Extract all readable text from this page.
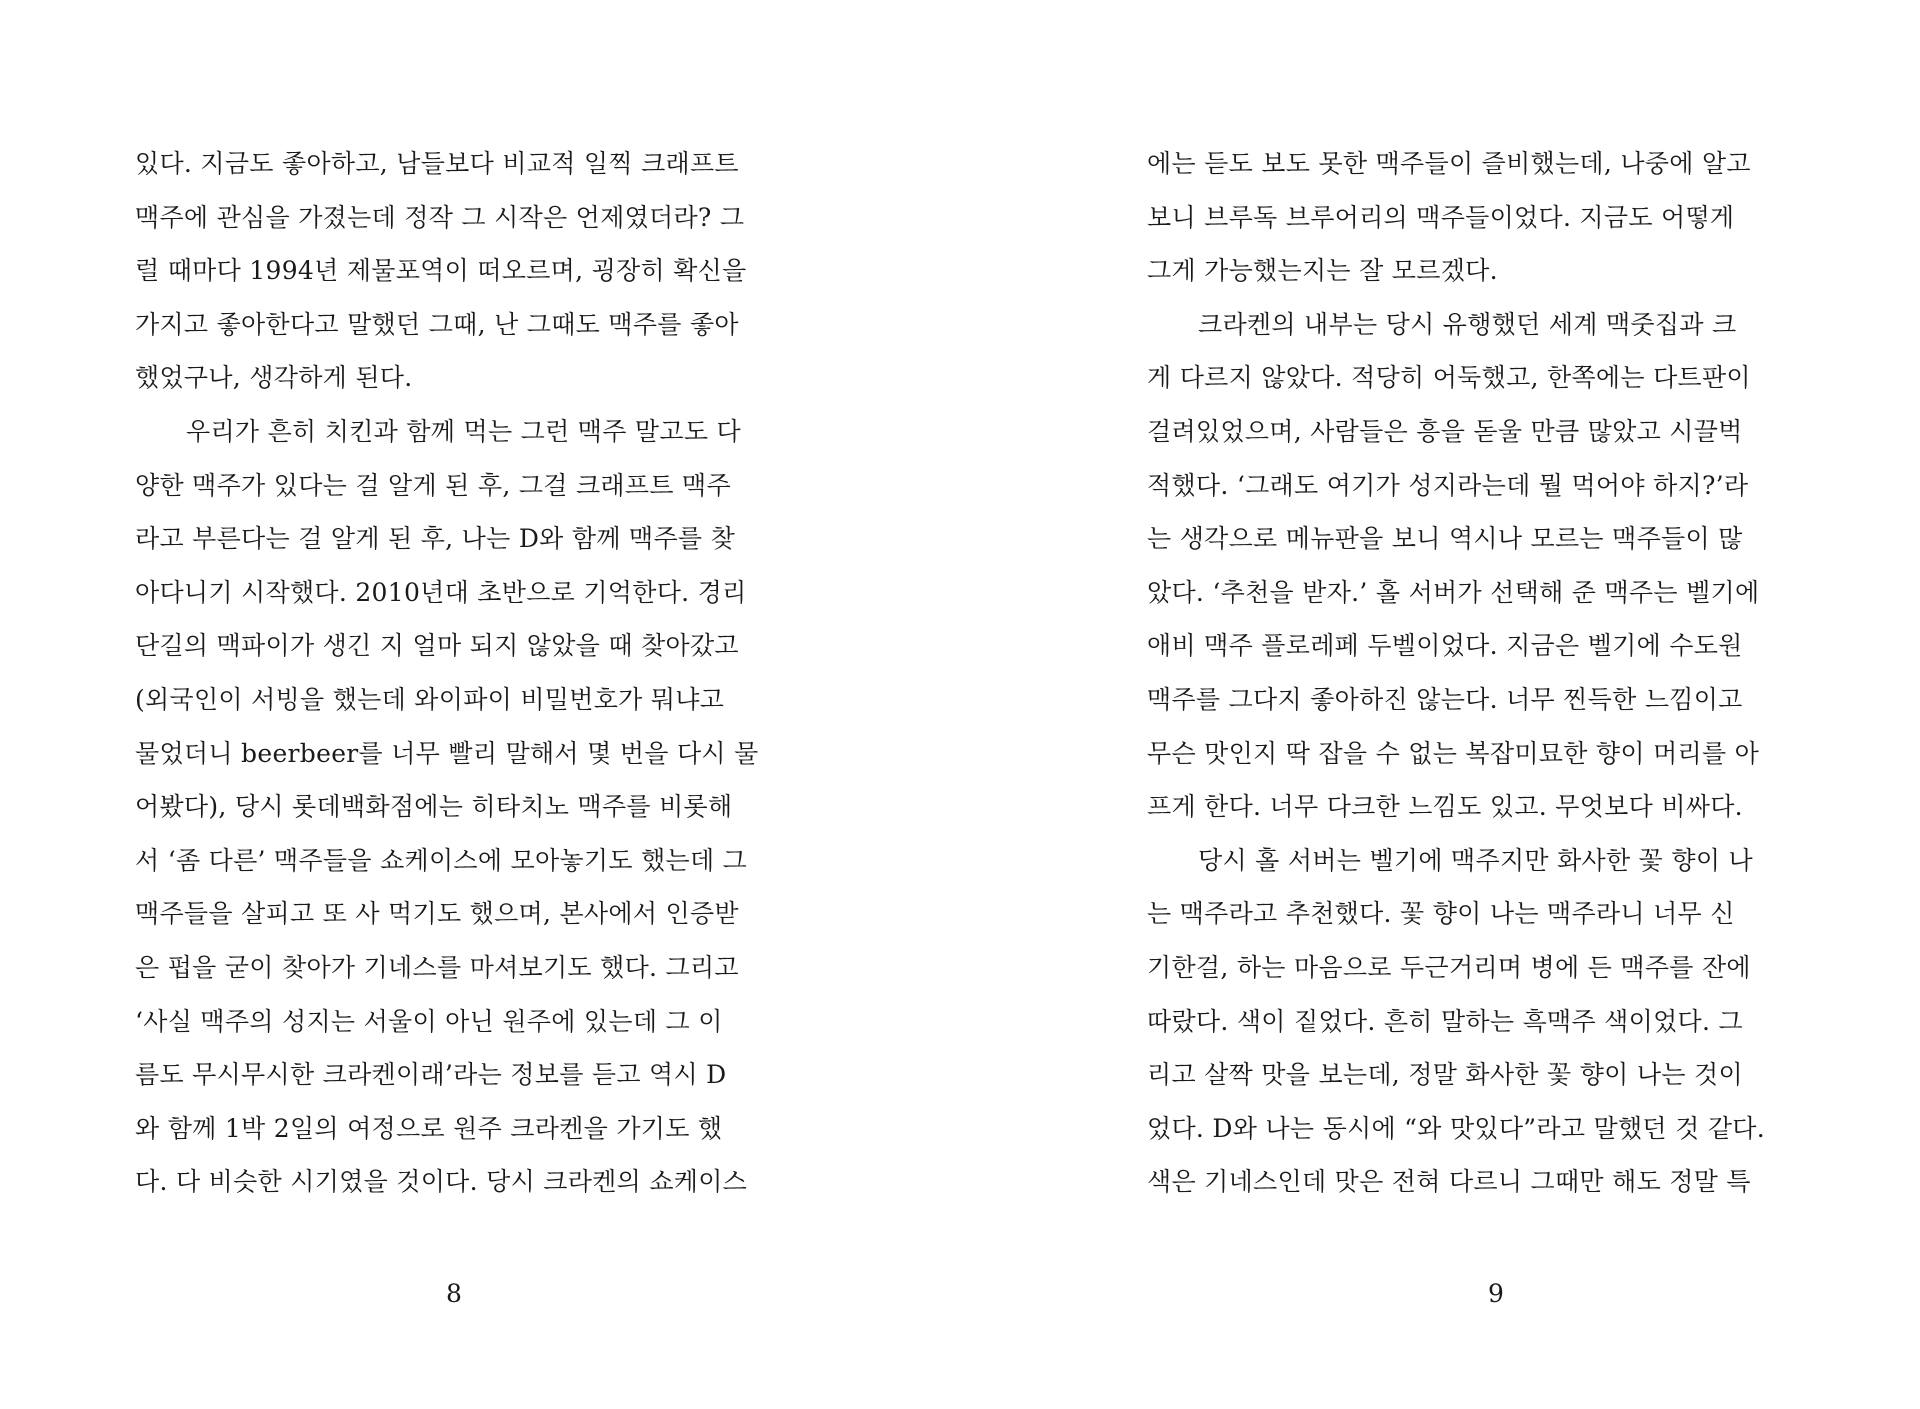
있다. 지금도 좋아하고, 남들보다 비교적 일찍 크래프트
맥주에 관심을 가졌는데 정작 그 시작은 언제였더라? 그
럴 때마다 1994년 제물포역이 떠오르며, 굉장히 확신을
가지고 좋아한다고 말했던 그때, 난 그때도 맥주를 좋아
했었구나, 생각하게 된다.
우리가 흔히 치킨과 함께 먹는 그런 맥주 말고도 다
양한 맥주가 있다는 걸 알게 된 후, 그걸 크래프트 맥주
라고 부른다는 걸 알게 된 후, 나는 D와 함께 맥주를 찾
아다니기 시작했다. 2010년대 초반으로 기억한다. 경리
단길의 맥파이가 생긴 지 얼마 되지 않았을 때 찾아갔고
(외국인이 서빙을 했는데 와이파이 비밀번호가 뭐냐고
물었더니 beerbeer를 너무 빨리 말해서 몇 번을 다시 물
어봤다), 당시 롯데백화점에는 히타치노 맥주를 비롯해
서 ‘좀 다른’ 맥주들을 쇼케이스에 모아놓기도 했는데 그
맥주들을 살피고 또 사 먹기도 했으며, 본사에서 인증받
은 펍을 굳이 찾아가 기네스를 마셔보기도 했다. 그리고
‘사실 맥주의 성지는 서울이 아닌 원주에 있는데 그 이
름도 무시무시한 크라켄이래’라는 정보를 듣고 역시 D
와 함께 1박 2일의 여정으로 원주 크라켄을 가기도 했
다. 다 비슷한 시기였을 것이다. 당시 크라켄의 쇼케이스
8
에는 듣도 보도 못한 맥주들이 즐비했는데, 나중에 알고
보니 브루독 브루어리의 맥주들이었다. 지금도 어떻게
그게 가능했는지는 잘 모르겠다.
크라켄의 내부는 당시 유행했던 세계 맥줏집과 크
게 다르지 않았다. 적당히 어둑했고, 한쪽에는 다트판이
걸려있었으며, 사람들은 흥을 돋울 만큼 많았고 시끌벅
적했다. ‘그래도 여기가 성지라는데 뭘 먹어야 하지?’라
는 생각으로 메뉴판을 보니 역시나 모르는 맥주들이 많
았다. ‘추천을 받자.’ 홀 서버가 선택해 준 맥주는 벨기에
애비 맥주 플로레페 두벨이었다. 지금은 벨기에 수도원
맥주를 그다지 좋아하진 않는다. 너무 찐득한 느낌이고
무슨 맛인지 딱 잡을 수 없는 복잡미묘한 향이 머리를 아
프게 한다. 너무 다크한 느낌도 있고. 무엇보다 비싸다.
당시 홀 서버는 벨기에 맥주지만 화사한 꽃 향이 나
는 맥주라고 추천했다. 꽃 향이 나는 맥주라니 너무 신
기한걸, 하는 마음으로 두근거리며 병에 든 맥주를 잔에
따랐다. 색이 짙었다. 흔히 말하는 흑맥주 색이었다. 그
리고 살짝 맛을 보는데, 정말 화사한 꽃 향이 나는 것이
었다. D와 나는 동시에 “와 맛있다”라고 말했던 것 같다.
색은 기네스인데 맛은 전혀 다르니 그때만 해도 정말 특
9
